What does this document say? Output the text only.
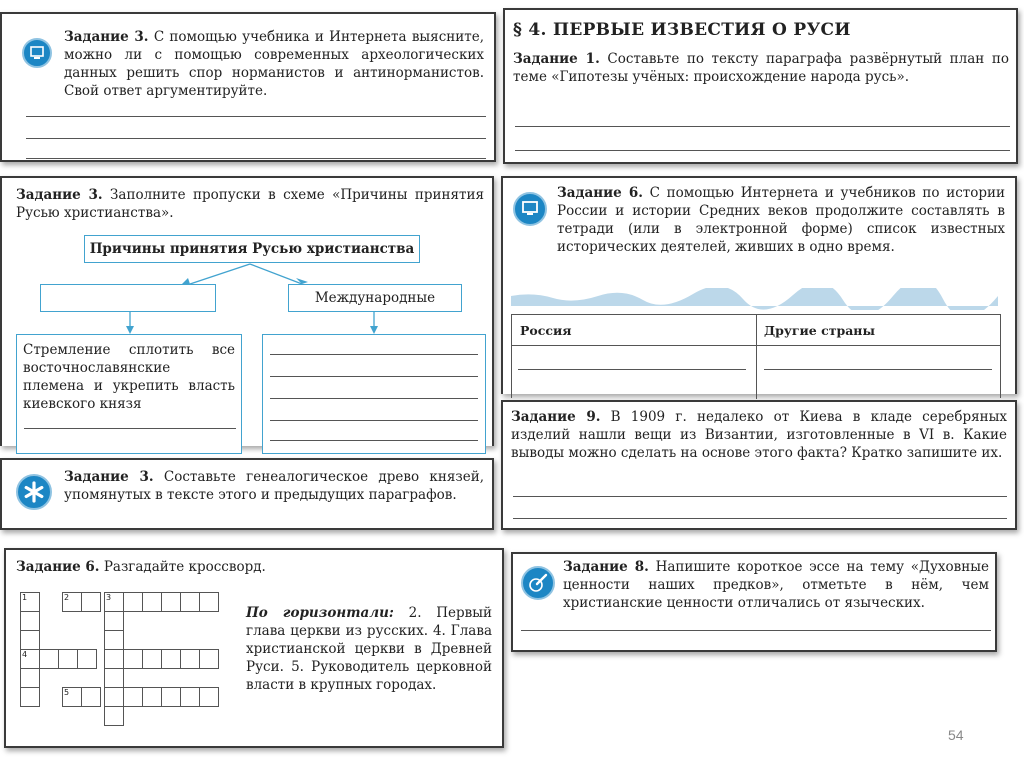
Задание 3. С помощью учебника и Интернета выясните, можно ли с помощью современных археологических данных решить спор норманистов и антинорманистов. Свой ответ аргументируйте.
§ 4. ПЕРВЫЕ ИЗВЕСТИЯ О РУСИ
Задание 1. Составьте по тексту параграфа развёрнутый план по теме «Гипотезы учёных: происхождение народа русь».
Задание 3. Заполните пропуски в схеме «Причины принятия Русью христианства».
Причины принятия Русью христианства
Международные
Стремление сплотить все восточнославянские племена и укрепить власть киевского князя
Задание 6. С помощью Интернета и учебников по истории России и истории Средних веков продолжите составлять в тетради (или в электронной форме) список известных исторических деятелей, живших в одно время.
Россия	Другие страны
Задание 9. В 1909 г. недалеко от Киева в кладе серебряных изделий нашли вещи из Византии, изготовленные в VI в. Какие выводы можно сделать на основе этого факта? Кратко запишите их.
Задание 3. Составьте генеалогическое древо князей, упомянутых в тексте этого и предыдущих параграфов.
Задание 6. Разгадайте кроссворд.
1	2	3
4
5
По горизонтали: 2. Первый глава церкви из русских. 4. Глава христианской церкви в Древней Руси. 5. Руководитель церковной власти в крупных городах.
Задание 8. Напишите короткое эссе на тему «Духовные ценности наших предков», отметьте в нём, чем христианские ценности отличались от языческих.
54
